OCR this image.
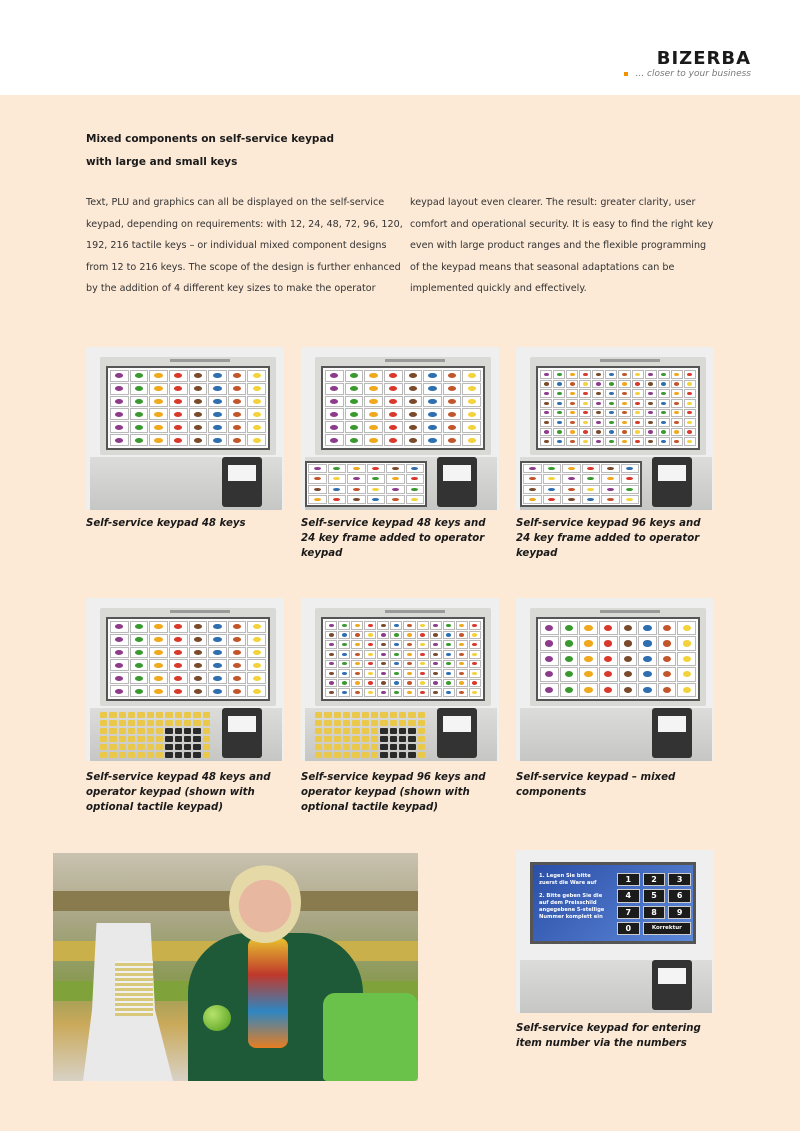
BIZERBA
... closer to your business
Mixed components on self-service keypad
with large and small keys

Text, PLU and graphics can all be displayed on the self-service keypad, depending on requirements: with 12, 24, 48, 72, 96, 120, 192, 216 tactile keys – or individual mixed component designs from 12 to 216 keys. The scope of the design is further enhanced by the addition of 4 different key sizes to make the operator

keypad layout even clearer. The result: greater clarity, user comfort and operational security. It is easy to find the right key even with large product ranges and the flexible programming of the keypad means that seasonal adaptations can be implemented quickly and effectively.

Self-service keypad 48 keys	Self-service keypad 48 keys and 24 key frame added to operator keypad
Self-service keypad 96 keys and 24 key frame added to operator keypad
Self-service keypad 48 keys and operator keypad (shown with optional tactile keypad)
Self-service keypad 96 keys and operator keypad (shown with optional tactile keypad)
Self-service keypad – mixed components
1. Legen Sie bitte zuerst die Ware auf
2. Bitte geben Sie die auf dem Preisschild angegebene 5-stellige Nummer komplett ein
1	2	3
4	5	6
7	8	9
0	Korrektur
Self-service keypad for entering item number via the numbers
